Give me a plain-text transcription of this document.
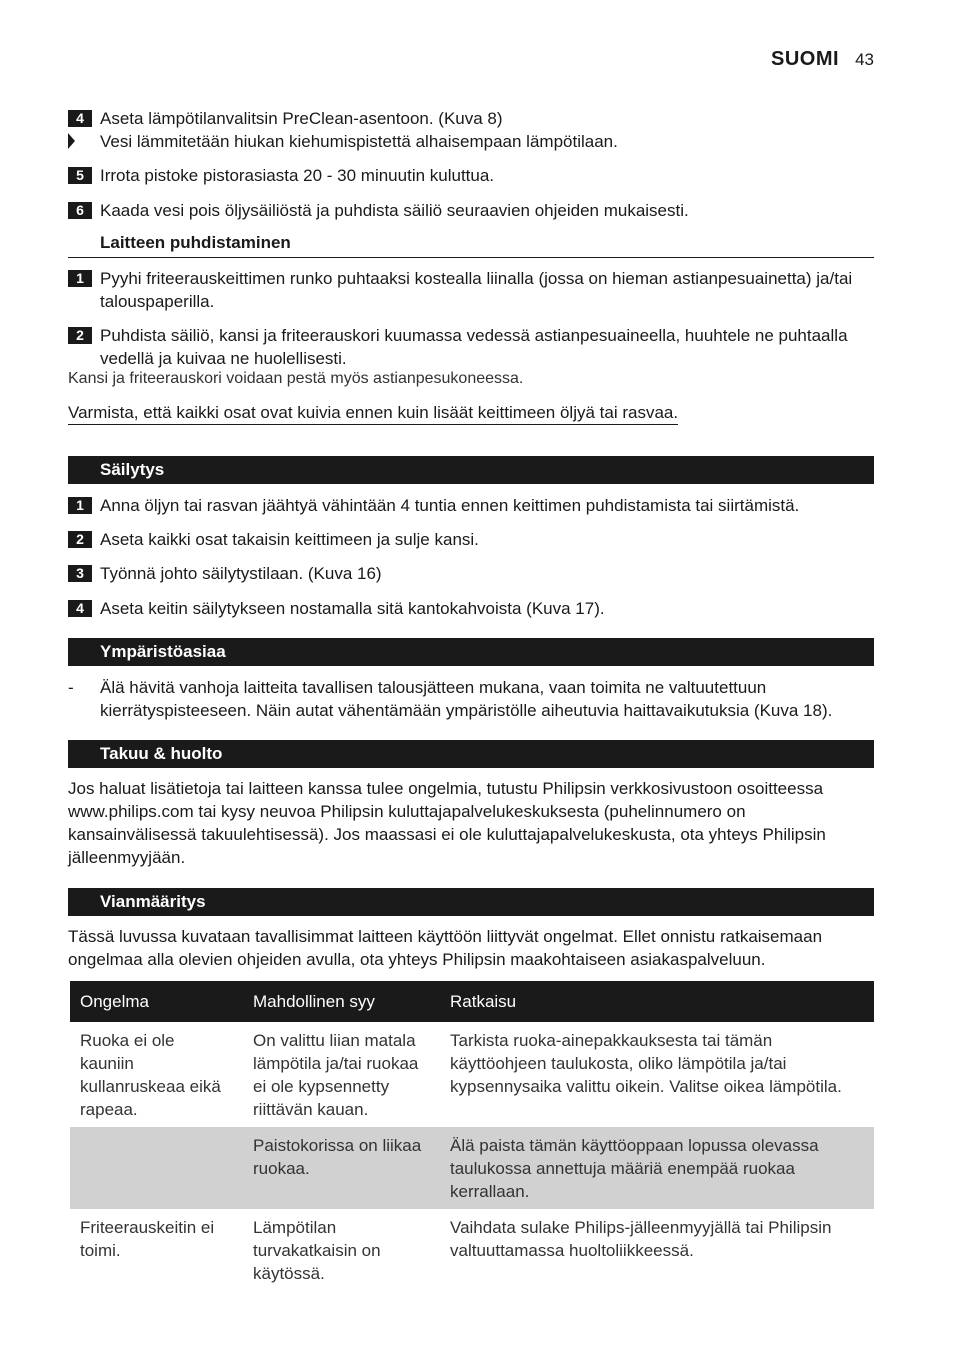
SUOMI 43
4 Aseta lämpötilanvalitsin PreClean-asentoon. (Kuva 8)
Vesi lämmitetään hiukan kiehumispistettä alhaisempaan lämpötilaan.
5 Irrota pistoke pistorasiasta 20 - 30 minuutin kuluttua.
6 Kaada vesi pois öljysäiliöstä ja puhdista säiliö seuraavien ohjeiden mukaisesti.
Laitteen puhdistaminen
1 Pyyhi friteerauskeittimen runko puhtaaksi kostealla liinalla (jossa on hieman astianpesuainetta) ja/tai talouspaperilla.
2 Puhdista säiliö, kansi ja friteerauskori kuumassa vedessä astianpesuaineella, huuhtele ne puhtaalla vedellä ja kuivaa ne huolellisesti.
Kansi ja friteerauskori voidaan pestä myös astianpesukoneessa.
Varmista, että kaikki osat ovat kuivia ennen kuin lisäät keittimeen öljyä tai rasvaa.
Säilytys
1 Anna öljyn tai rasvan jäähtyä vähintään 4 tuntia ennen keittimen puhdistamista tai siirtämistä.
2 Aseta kaikki osat takaisin keittimeen ja sulje kansi.
3 Työnnä johto säilytystilaan. (Kuva 16)
4 Aseta keitin säilytykseen nostamalla sitä kantokahvoista (Kuva 17).
Ympäristöasiaa
- Älä hävitä vanhoja laitteita tavallisen talousjätteen mukana, vaan toimita ne valtuutettuun kierrätyspisteeseen. Näin autat vähentämään ympäristölle aiheutuvia haittavaikutuksia (Kuva 18).
Takuu & huolto
Jos haluat lisätietoja tai laitteen kanssa tulee ongelmia, tutustu Philipsin verkkosivustoon osoitteessa www.philips.com tai kysy neuvoa Philipsin kuluttajapalvelukeskuksesta (puhelinnumero on kansainvälisessä takuulehtisessä). Jos maassasi ei ole kuluttajapalvelukeskusta, ota yhteys Philipsin jälleenmyyjään.
Vianmääritys
Tässä luvussa kuvataan tavallisimmat laitteen käyttöön liittyvät ongelmat. Ellet onnistu ratkaisemaan ongelmaa alla olevien ohjeiden avulla, ota yhteys Philipsin maakohtaiseen asiakaspalveluun.
Ongelma	Mahdollinen syy	Ratkaisu
Ruoka ei ole kauniin kullanruskeaa eikä rapeaa.	On valittu liian matala lämpötila ja/tai ruokaa ei ole kypsennetty riittävän kauan.	Tarkista ruoka-ainepakkauksesta tai tämän käyttöohjeen taulukosta, oliko lämpötila ja/tai kypsennysaika valittu oikein. Valitse oikea lämpötila.
	Paistokorissa on liikaa ruokaa.	Älä paista tämän käyttöoppaan lopussa olevassa taulukossa annettuja määriä enempää ruokaa kerrallaan.
Friteerauskeitin ei toimi.	Lämpötilan turvakatkaisin on käytössä.	Vaihdata sulake Philips-jälleenmyyjällä tai Philipsin valtuuttamassa huoltoliikkeessä.
